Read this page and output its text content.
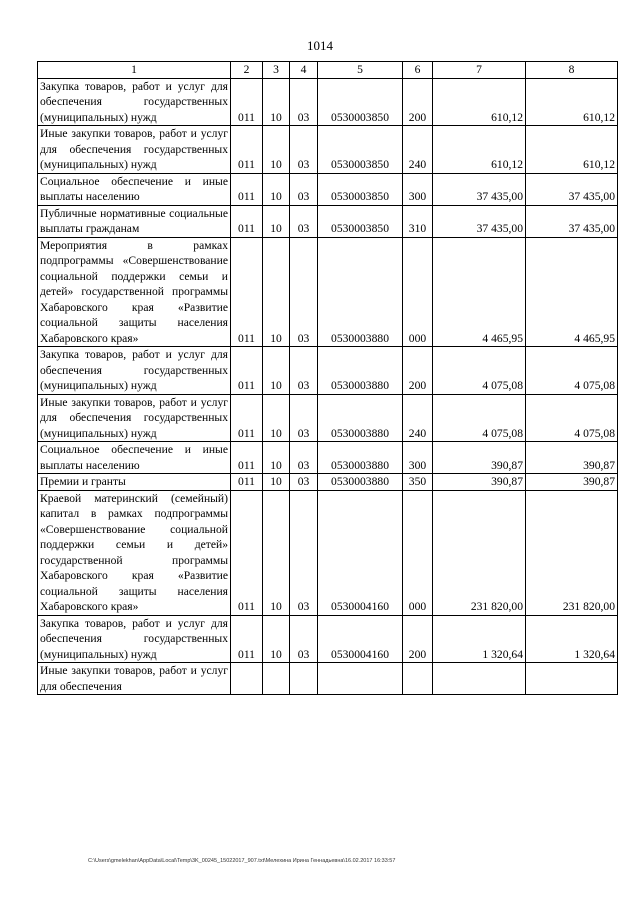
1014
1	2	3	4	5	6	7	8
Закупка товаров, работ и услуг для обеспечения государственных (муниципальных) нужд	011	10	03	0530003850	200	610,12	610,12
Иные закупки товаров, работ и услуг для обеспечения государственных (муниципальных) нужд	011	10	03	0530003850	240	610,12	610,12
Социальное обеспечение и иные выплаты населению	011	10	03	0530003850	300	37 435,00	37 435,00
Публичные нормативные социальные выплаты гражданам	011	10	03	0530003850	310	37 435,00	37 435,00
Мероприятия в рамках подпрограммы «Совершенствование социальной поддержки семьи и детей» государственной программы Хабаровского края «Развитие социальной защиты населения Хабаровского края»	011	10	03	0530003880	000	4 465,95	4 465,95
Закупка товаров, работ и услуг для обеспечения государственных (муниципальных) нужд	011	10	03	0530003880	200	4 075,08	4 075,08
Иные закупки товаров, работ и услуг для обеспечения государственных (муниципальных) нужд	011	10	03	0530003880	240	4 075,08	4 075,08
Социальное обеспечение и иные выплаты населению	011	10	03	0530003880	300	390,87	390,87
Премии и гранты	011	10	03	0530003880	350	390,87	390,87
Краевой материнский (семейный) капитал в рамках подпрограммы «Совершенствование социальной поддержки семьи и детей» государственной программы Хабаровского края «Развитие социальной защиты населения Хабаровского края»	011	10	03	0530004160	000	231 820,00	231 820,00
Закупка товаров, работ и услуг для обеспечения государственных (муниципальных) нужд	011	10	03	0530004160	200	1 320,64	1 320,64
Иные закупки товаров, работ и услуг для обеспечения							
C:\Users\gmelekhan\AppData\Local\Temp\3K_00245_15022017_907.txt\Мелехина Ирина Геннадьевна\16.02.2017 16:33:57
